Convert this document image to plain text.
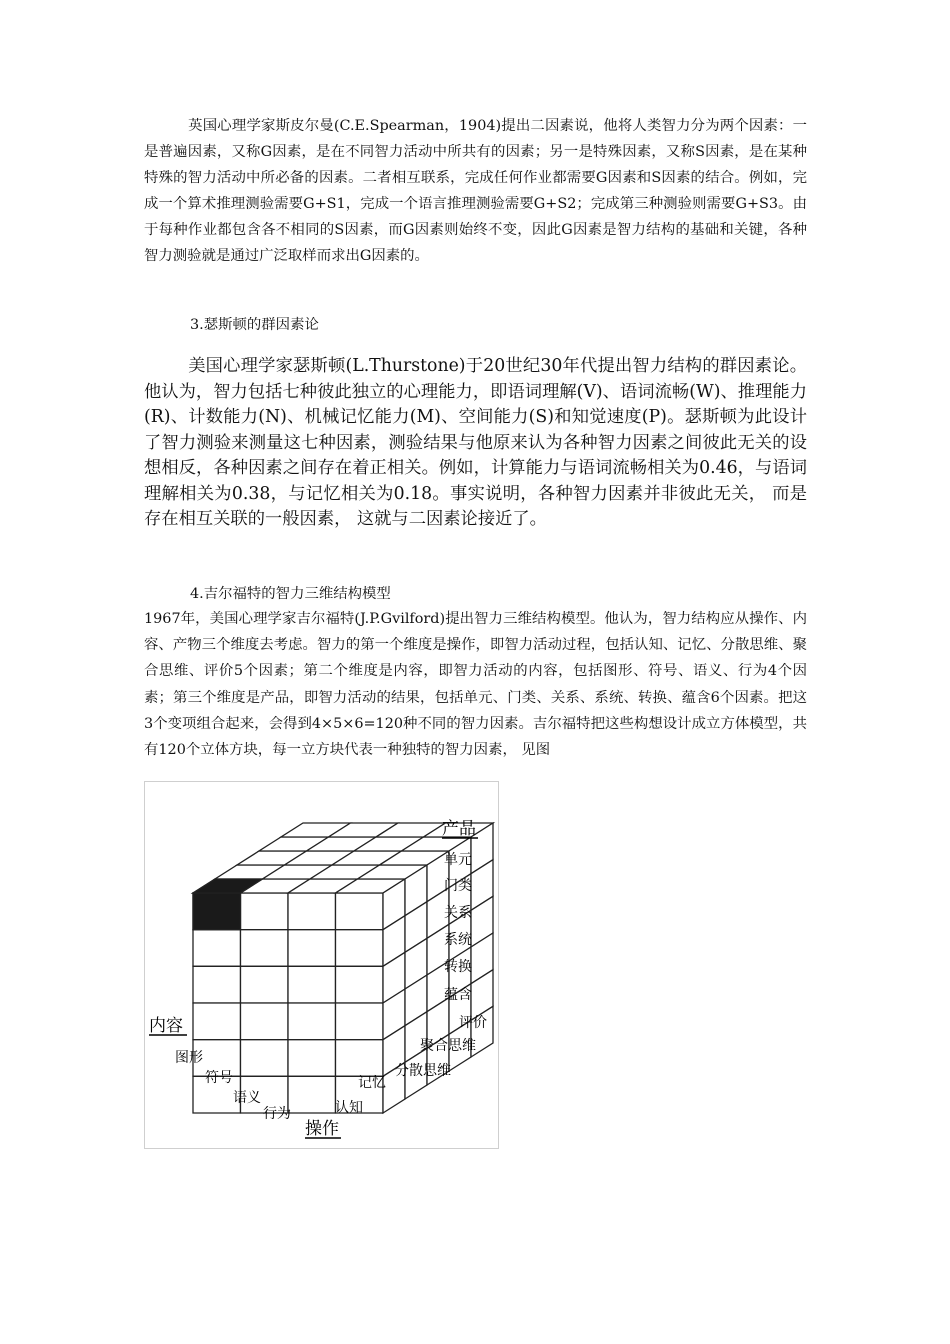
英国心理学家斯皮尔曼(C.E.Spearman，1904)提出二因素说，他将人类智力分为两个因素：一是普遍因素，又称G因素，是在不同智力活动中所共有的因素；另一是特殊因素，又称S因素，是在某种特殊的智力活动中所必备的因素。二者相互联系，完成任何作业都需要G因素和S因素的结合。例如，完成一个算术推理测验需要G+S1，完成一个语言推理测验需要G+S2；完成第三种测验则需要G+S3。由于每种作业都包含各不相同的S因素，而G因素则始终不变，因此G因素是智力结构的基础和关键，各种智力测验就是通过广泛取样而求出G因素的。

3.瑟斯顿的群因素论

美国心理学家瑟斯顿(L.Thurstone)于20世纪30年代提出智力结构的群因素论。他认为，智力包括七种彼此独立的心理能力，即语词理解(V)、语词流畅(W)、推理能力(R)、计数能力(N)、机械记忆能力(M)、空间能力(S)和知觉速度(P)。瑟斯顿为此设计了智力测验来测量这七种因素，测验结果与他原来认为各种智力因素之间彼此无关的设想相反，各种因素之间存在着正相关。例如，计算能力与语词流畅相关为0.46，与语词理解相关为0.38，与记忆相关为0.18。事实说明，各种智力因素并非彼此无关， 而是存在相互关联的一般因素， 这就与二因素论接近了。

4.吉尔福特的智力三维结构模型

1967年，美国心理学家吉尔福特(J.P.Gvilford)提出智力三维结构模型。他认为，智力结构应从操作、内容、产物三个维度去考虑。智力的第一个维度是操作，即智力活动过程，包括认知、记忆、分散思维、聚合思维、评价5个因素；第二个维度是内容，即智力活动的内容，包括图形、符号、语义、行为4个因素；第三个维度是产品，即智力活动的结果，包括单元、门类、关系、系统、转换、蕴含6个因素。把这3个变项组合起来，会得到4×5×6=120种不同的智力因素。吉尔福特把这些构想设计成立方体模型，共有120个立体方块，每一立方块代表一种独特的智力因素， 见图

产品
单元
门类
关系
系统
转换
蕴含
认知
记忆
分散思维
聚合思维
评价
操作
内容
图形
符号
语义
行为
